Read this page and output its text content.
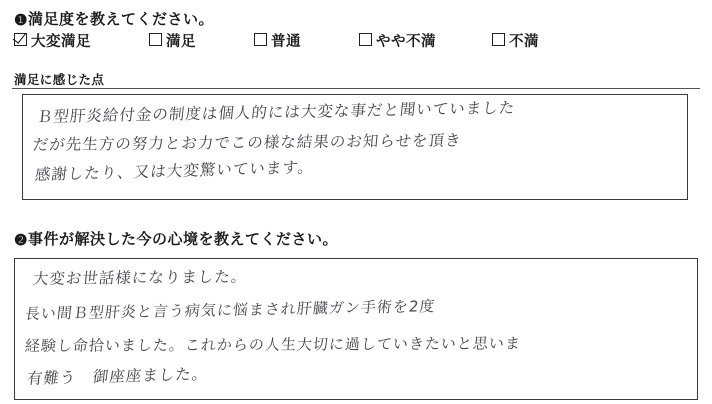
❶満足度を教えてください。
大変満足	満足	普通	やや不満	不満
満足に感じた点
Ｂ型肝炎給付金の制度は個人的には大変な事だと聞いていました
だが先生方の努力とお力でこの様な結果のお知らせを頂き
感謝したり、又は大変驚いています。
❷事件が解決した今の心境を教えてください。
大変お世話様になりました。
長い間Ｂ型肝炎と言う病気に悩まされ肝臓ガン手術を2度
経験し命拾いました。これからの人生大切に過していきたいと思いま
有難う　御座座ました。
